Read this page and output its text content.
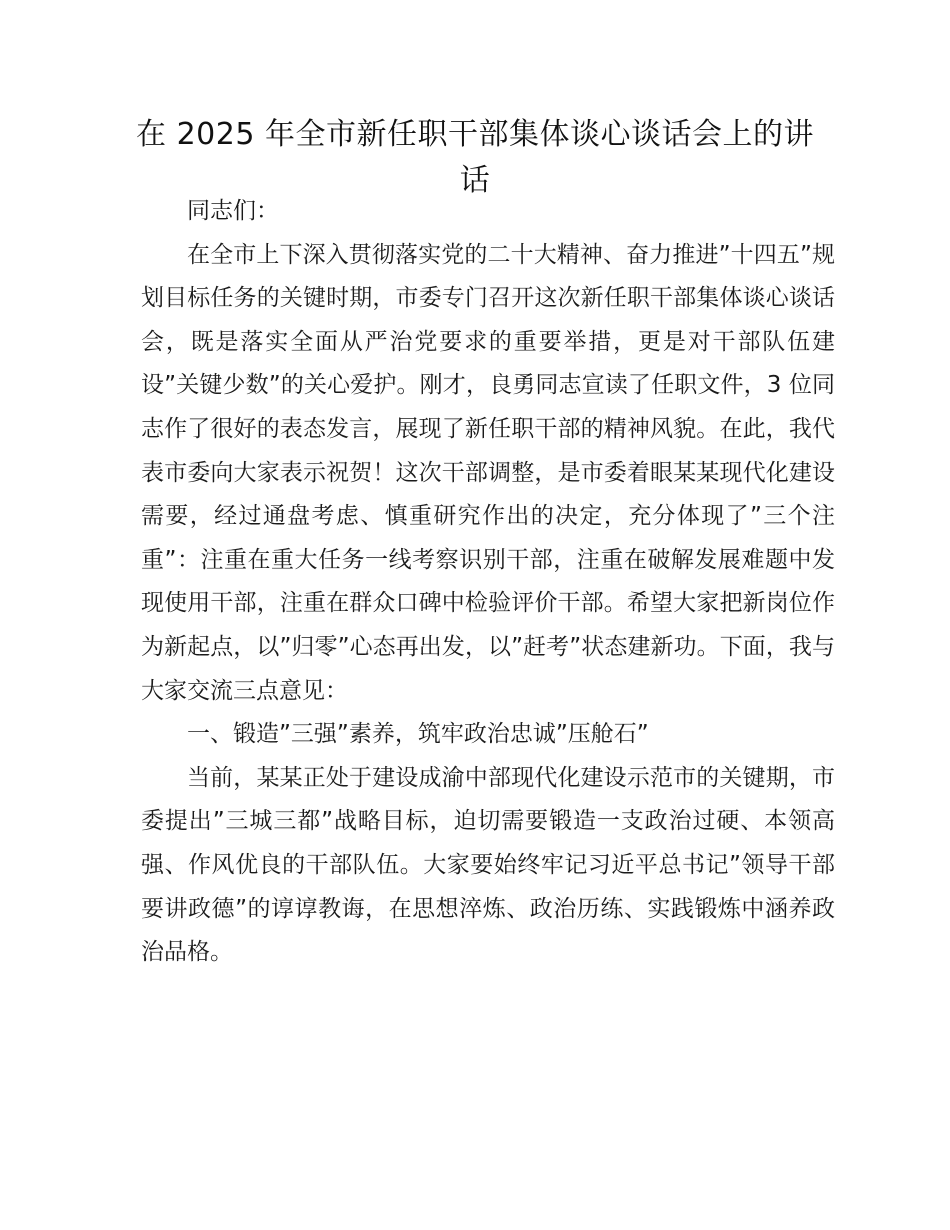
在 2025 年全市新任职干部集体谈心谈话会上的讲话

同志们：

在全市上下深入贯彻落实党的二十大精神、奋力推进”十四五”规划目标任务的关键时期，市委专门召开这次新任职干部集体谈心谈话会，既是落实全面从严治党要求的重要举措，更是对干部队伍建设”关键少数”的关心爱护。刚才，良勇同志宣读了任职文件，3 位同志作了很好的表态发言，展现了新任职干部的精神风貌。在此，我代表市委向大家表示祝贺！这次干部调整，是市委着眼某某现代化建设需要，经过通盘考虑、慎重研究作出的决定，充分体现了”三个注重”：注重在重大任务一线考察识别干部，注重在破解发展难题中发现使用干部，注重在群众口碑中检验评价干部。希望大家把新岗位作为新起点，以”归零”心态再出发，以”赶考”状态建新功。下面，我与大家交流三点意见：

一、锻造”三强”素养，筑牢政治忠诚”压舱石”

当前，某某正处于建设成渝中部现代化建设示范市的关键期，市委提出”三城三都”战略目标，迫切需要锻造一支政治过硬、本领高强、作风优良的干部队伍。大家要始终牢记习近平总书记”领导干部要讲政德”的谆谆教诲，在思想淬炼、政治历练、实践锻炼中涵养政治品格。
